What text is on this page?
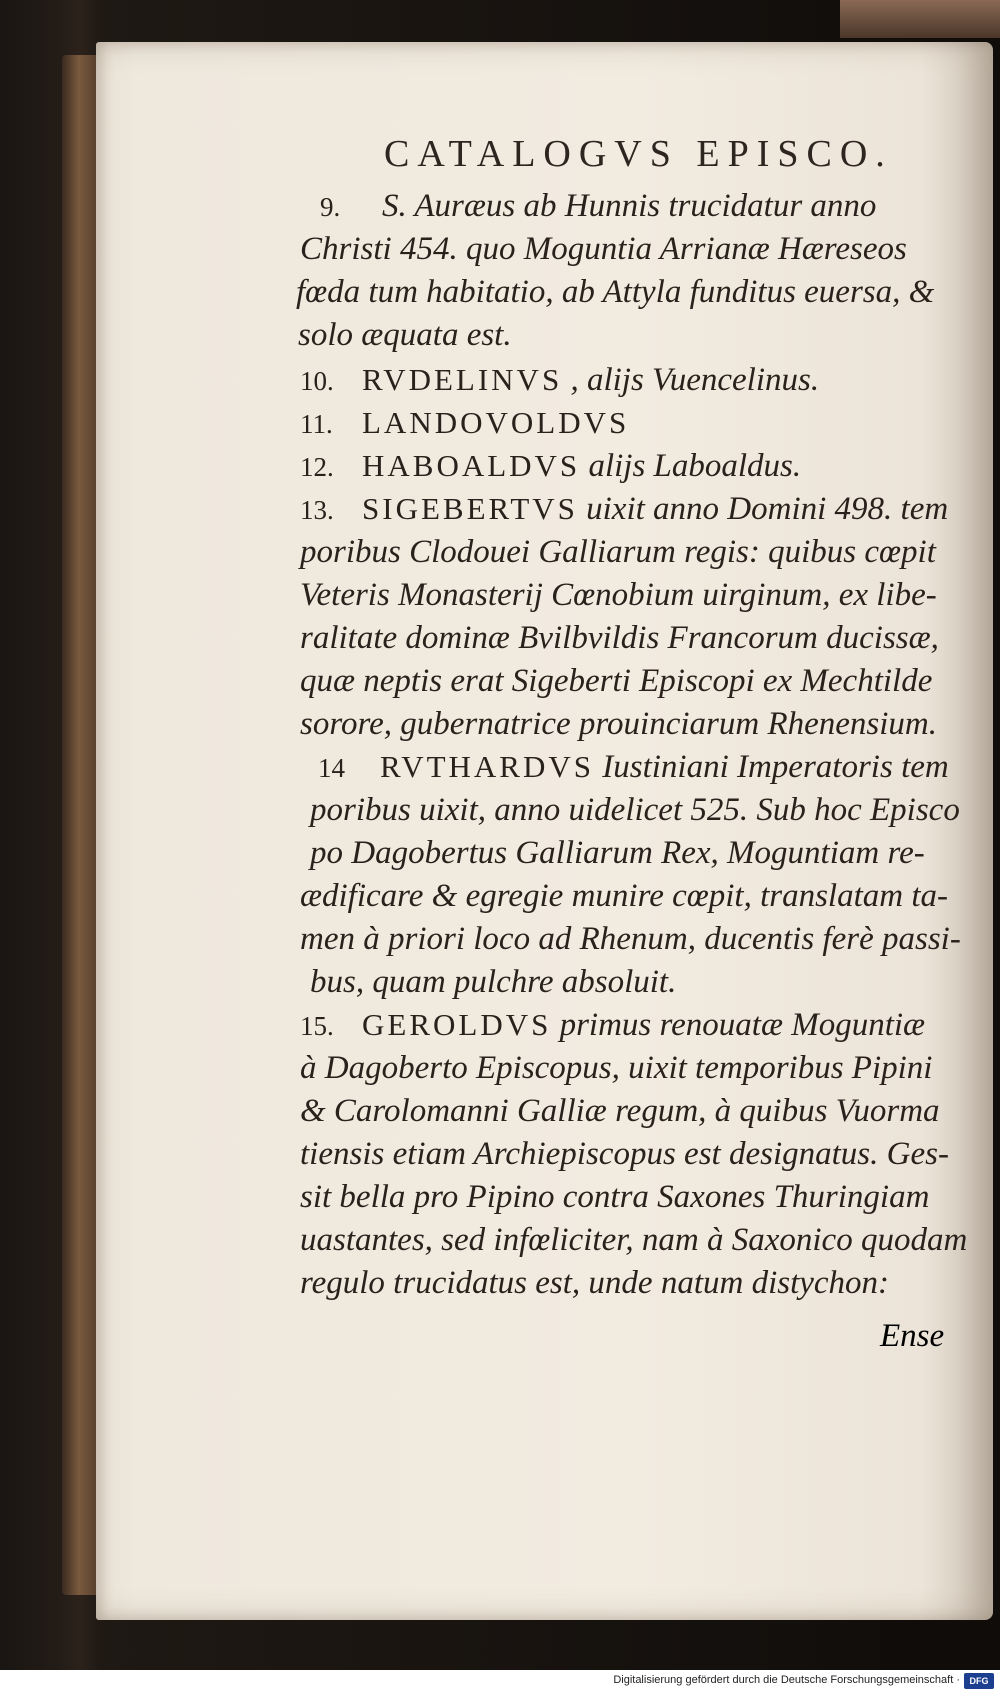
CATALOGVS EPISCO.
9. S. Auræus ab Hunnis trucidatur anno
Christi 454. quo Moguntia Arrianæ Hæreseos
fœda tum habitatio, ab Attyla funditus euersa, &
solo æquata est.
10. RVDELINVS , alijs Vuencelinus.
11. LANDOVOLDVS
12. HABOALDVS alijs Laboaldus.
13. SIGEBERTVS uixit anno Domini 498. tem
poribus Clodouei Galliarum regis: quibus cœpit
Veteris Monasterij Cœnobium uirginum, ex libe-
ralitate dominæ Bvilbvildis Francorum ducissæ,
quæ neptis erat Sigeberti Episcopi ex Mechtilde
sorore, gubernatrice prouinciarum Rhenensium.
14 RVTHARDVS Iustiniani Imperatoris tem
poribus uixit, anno uidelicet 525. Sub hoc Episco
po Dagobertus Galliarum Rex, Moguntiam re-
ædificare & egregie munire cœpit, translatam ta-
men à priori loco ad Rhenum, ducentis ferè passi-
bus, quam pulchre absoluit.
15. GEROLDVS primus renouatæ Moguntiæ
à Dagoberto Episcopus, uixit temporibus Pipini
& Carolomanni Galliæ regum, à quibus Vuorma
tiensis etiam Archiepiscopus est designatus. Ges-
sit bella pro Pipino contra Saxones Thuringiam
uastantes, sed infœliciter, nam à Saxonico quodam
regulo trucidatus est, unde natum distychon:
Ense
Digitalisierung gefördert durch die Deutsche Forschungsgemeinschaft ·	DFG
